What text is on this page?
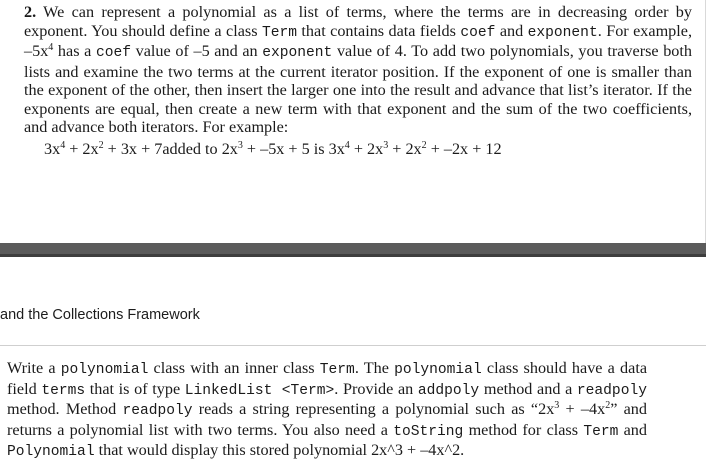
2. We can represent a polynomial as a list of terms, where the terms are in decreasing order by exponent. You should define a class Term that contains data fields coef and exponent. For example, $-5x^4$ has a coef value of –5 and an exponent value of 4. To add two polynomials, you traverse both lists and examine the two terms at the current iterator position. If the exponent of one is smaller than the exponent of the other, then insert the larger one into the result and advance that list’s iterator. If the exponents are equal, then create a new term with that exponent and the sum of the two coefficients, and advance both iterators. For example:

$3x^4 + 2x^2 + 3x$ + 7added to $2x^3 + -5x + 5$ is $3x^4 + 2x^3 + 2x^2 + -2x + 12$
and the Collections Framework

Write a polynomial class with an inner class Term. The polynomial class should have a data field terms that is of type LinkedList <Term>. Provide an addpoly method and a readpoly method. Method readpoly reads a string representing a polynomial such as “$2x^3 + -4x^2$” and returns a polynomial list with two terms. You also need a toString method for class Term and Polynomial that would display this stored polynomial 2x^3 + –4x^2.
